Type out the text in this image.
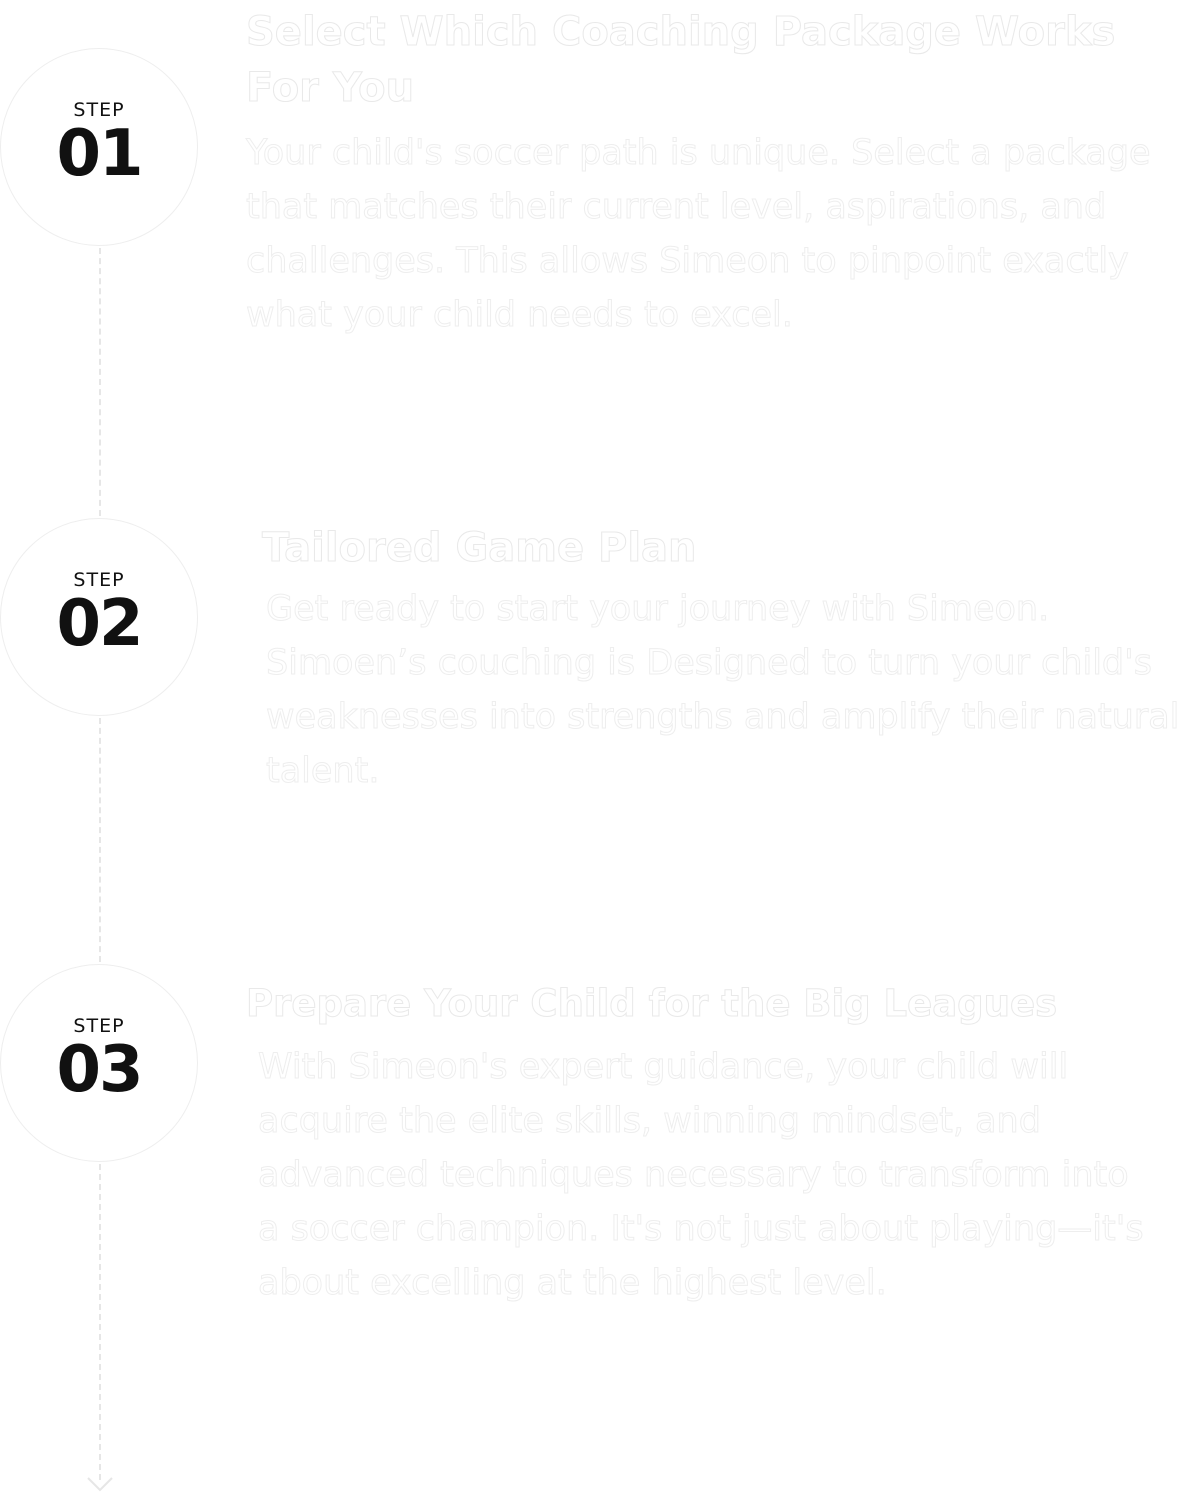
STEP
01
Select Which Coaching Package Works For You

Your child's soccer path is unique. Select a package that matches their current level, aspirations, and challenges. This allows Simeon to pinpoint exactly what your child needs to excel.

STEP
02
Tailored Game Plan

Get ready to start your journey with Simeon. Simoen’s couching is Designed to turn your child's weaknesses into strengths and amplify their natural talent.

STEP
03
Prepare Your Child for the Big Leagues

With Simeon's expert guidance, your child will acquire the elite skills, winning mindset, and advanced techniques necessary to transform into a soccer champion. It's not just about playing—it's about excelling at the highest level.
